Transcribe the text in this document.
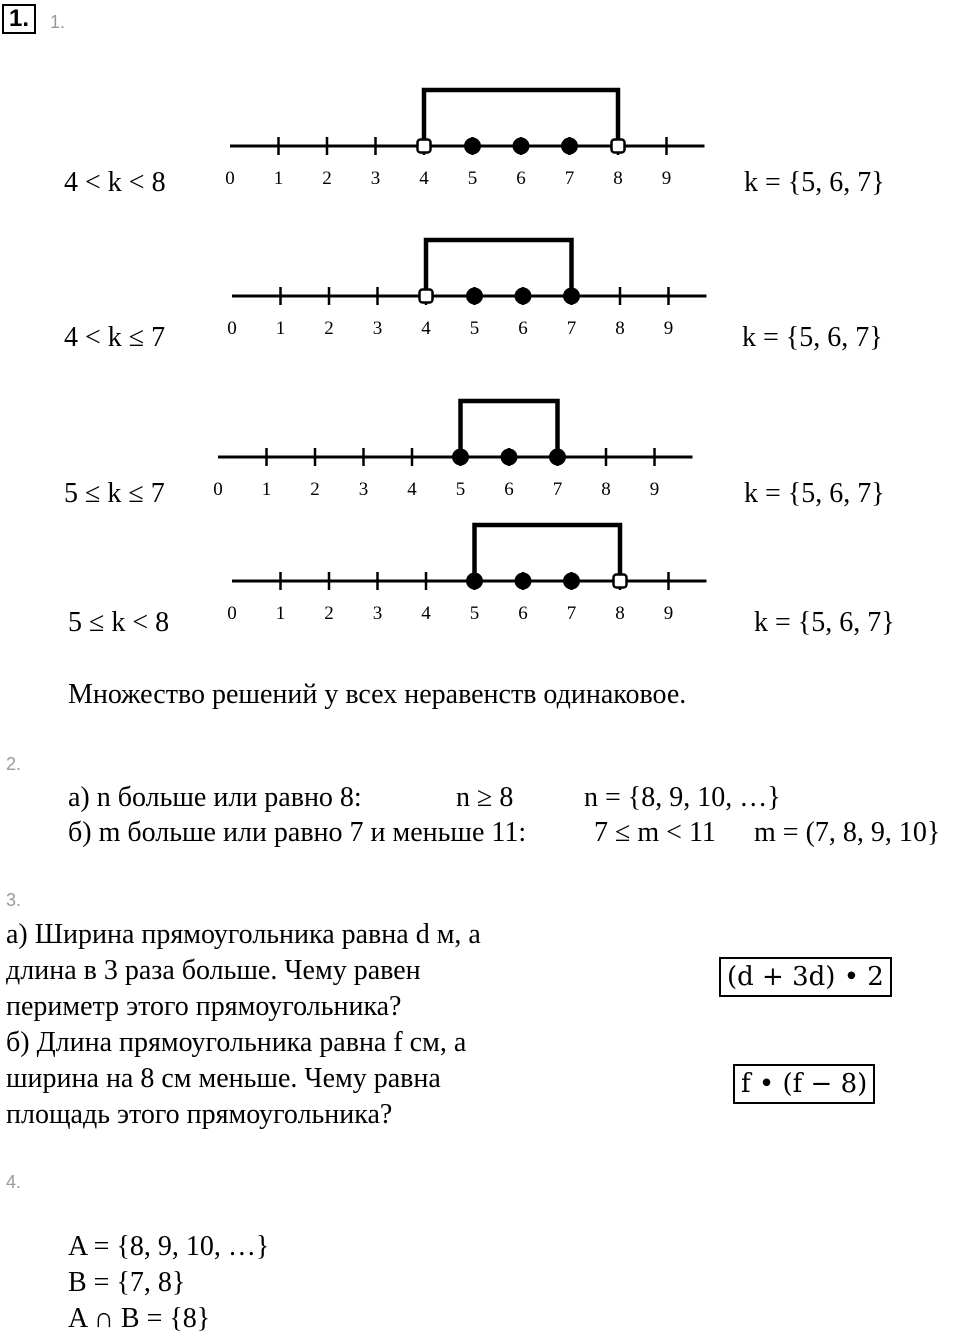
1.	1.
4 < k < 8	0 1 2 3 4 5 6 7 8 9	k = {5, 6, 7}
4 < k ≤ 7	0 1 2 3 4 5 6 7 8 9 k = {5, 6, 7}
5 ≤ k ≤ 7	0 1 2 3 4 5 6 7 8 9	k = {5, 6, 7}
5 ≤ k < 8	0 1 2 3 4 5 6 7 8 9	k = {5, 6, 7}
Множество решений у всех неравенств одинаковое.
2.
а) n больше или равно 8:	n ≥ 8	n = {8, 9, 10, …}
б) m больше или равно 7 и меньше 11: 7 ≤ m < 11 m = (7, 8, 9, 10}
3.
а) Ширина прямоугольника равна d м, а
длина в 3 раза больше. Чему равен
периметр этого прямоугольника?
б) Длина прямоугольника равна f см, а
ширина на 8 см меньше. Чему равна
площадь этого прямоугольника?
(d + 3d) • 2
f • (f − 8)
4.
A = {8, 9, 10, …}
B = {7, 8}
A ∩ B = {8}
